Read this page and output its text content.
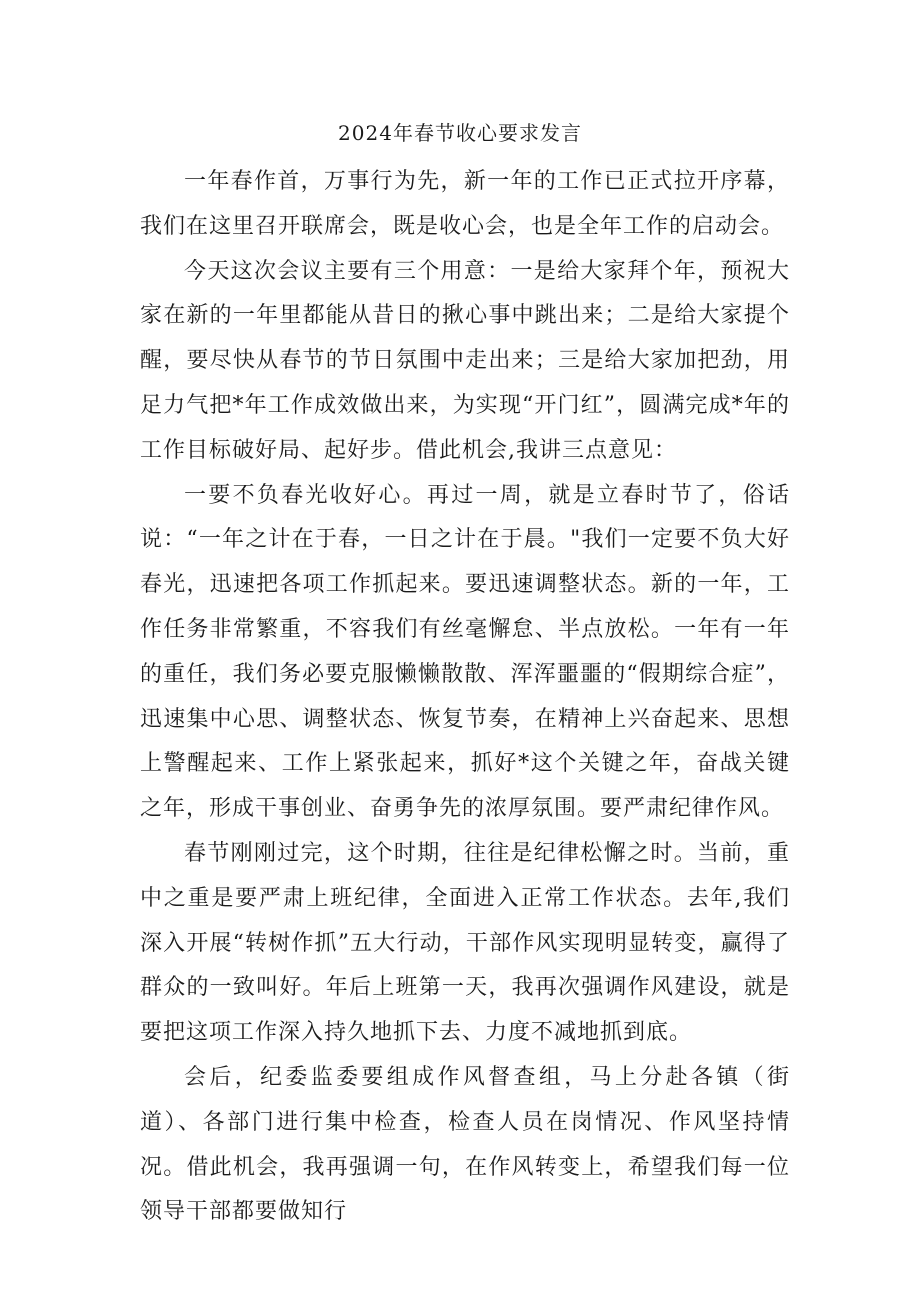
2024年春节收心要求发言

一年春作首，万事行为先，新一年的工作已正式拉开序幕，我们在这里召开联席会，既是收心会，也是全年工作的启动会。

今天这次会议主要有三个用意：一是给大家拜个年，预祝大家在新的一年里都能从昔日的揪心事中跳出来；二是给大家提个醒，要尽快从春节的节日氛围中走出来；三是给大家加把劲，用足力气把*年工作成效做出来，为实现“开门红”，圆满完成*年的工作目标破好局、起好步。借此机会,我讲三点意见：

一要不负春光收好心。再过一周，就是立春时节了，俗话说：“一年之计在于春，一日之计在于晨。"我们一定要不负大好春光，迅速把各项工作抓起来。要迅速调整状态。新的一年，工作任务非常繁重，不容我们有丝毫懈怠、半点放松。一年有一年的重任，我们务必要克服懒懒散散、浑浑噩噩的“假期综合症”，迅速集中心思、调整状态、恢复节奏，在精神上兴奋起来、思想上警醒起来、工作上紧张起来，抓好*这个关键之年，奋战关键之年，形成干事创业、奋勇争先的浓厚氛围。要严肃纪律作风。

春节刚刚过完，这个时期，往往是纪律松懈之时。当前，重中之重是要严肃上班纪律，全面进入正常工作状态。去年,我们深入开展“转树作抓”五大行动，干部作风实现明显转变，赢得了群众的一致叫好。年后上班第一天，我再次强调作风建设，就是要把这项工作深入持久地抓下去、力度不减地抓到底。

会后，纪委监委要组成作风督查组，马上分赴各镇（街道）、各部门进行集中检查，检查人员在岗情况、作风坚持情况。借此机会，我再强调一句，在作风转变上，希望我们每一位领导干部都要做知行
